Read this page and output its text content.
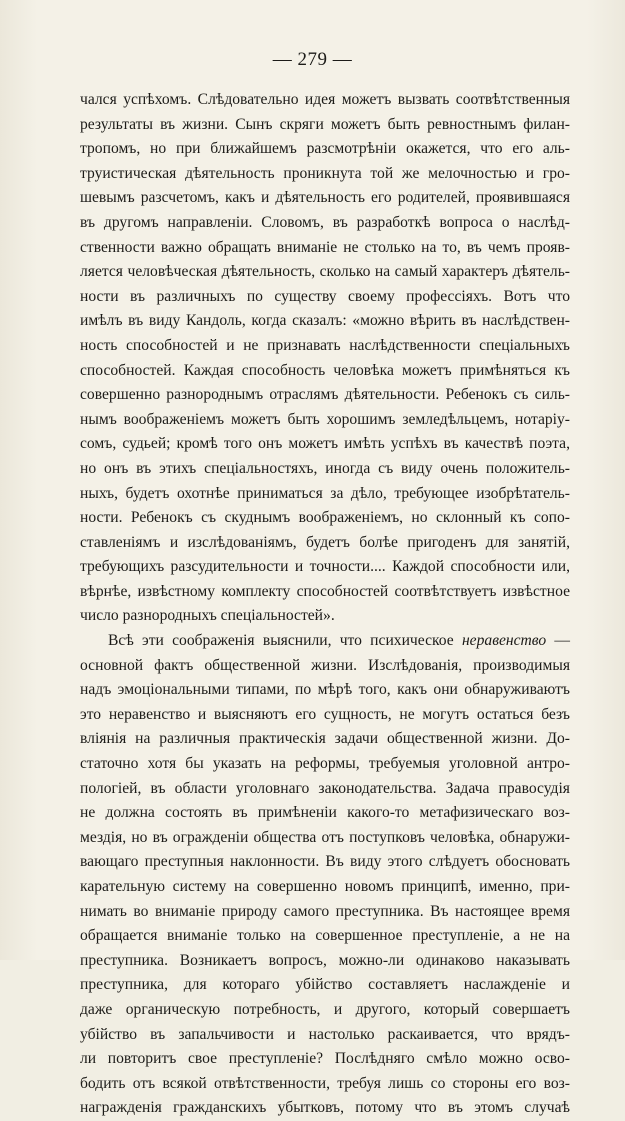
— 279 —
чался успѣхомъ. Слѣдовательно идея можетъ вызвать соотвѣтственныя
результаты въ жизни. Сынъ скряги можетъ быть ревностнымъ филан-
тропомъ, но при ближайшемъ разсмотрѣніи окажется, что его аль-
труистическая дѣятельность проникнута той же мелочностью и гро-
шевымъ разсчетомъ, какъ и дѣятельность его родителей, проявившаяся
въ другомъ направленіи. Словомъ, въ разработкѣ вопроса о наслѣд-
ственности важно обращать вниманіе не столько на то, въ чемъ прояв-
ляется человѣческая дѣятельность, сколько на самый характеръ дѣятель-
ности въ различныхъ по существу своему профессіяхъ. Вотъ что
имѣлъ въ виду Кандоль, когда сказалъ: «можно вѣрить въ наслѣдствен-
ность способностей и не признавать наслѣдственности спеціальныхъ
способностей. Каждая способность человѣка можетъ примѣняться къ
совершенно разнороднымъ отраслямъ дѣятельности. Ребенокъ съ силь-
нымъ воображеніемъ можетъ быть хорошимъ земледѣльцемъ, нотаріу-
сомъ, судьей; кромѣ того онъ можетъ имѣть успѣхъ въ качествѣ поэта,
но онъ въ этихъ спеціальностяхъ, иногда съ виду очень положитель-
ныхъ, будетъ охотнѣе приниматься за дѣло, требующее изобрѣтатель-
ности. Ребенокъ съ скуднымъ воображеніемъ, но склонный къ сопо-
ставленіямъ и изслѣдованіямъ, будетъ болѣе пригоденъ для занятій,
требующихъ разсудительности и точности.... Каждой способности или,
вѣрнѣе, извѣстному комплекту способностей соотвѣтствуетъ извѣстное
число разнородныхъ спеціальностей».
Всѣ эти соображенія выяснили, что психическое неравенство —
основной фактъ общественной жизни. Изслѣдованія, производимыя
надъ эмоціональными типами, по мѣрѣ того, какъ они обнаруживаютъ
это неравенство и выясняютъ его сущность, не могутъ остаться безъ
вліянія на различныя практическія задачи общественной жизни. До-
статочно хотя бы указать на реформы, требуемыя уголовной антро-
пологіей, въ области уголовнаго законодательства. Задача правосудія
не должна состоять въ примѣненіи какого-то метафизическаго воз-
мездія, но въ огражденіи общества отъ поступковъ человѣка, обнаружи-
вающаго преступныя наклонности. Въ виду этого слѣдуетъ обосновать
карательную систему на совершенно новомъ принципѣ, именно, при-
нимать во вниманіе природу самого преступника. Въ настоящее время
обращается вниманіе только на совершенное преступленіе, а не на
преступника. Возникаетъ вопросъ, можно-ли одинаково наказывать
преступника, для котораго убійство составляетъ наслажденіе и
даже органическую потребность, и другого, который совершаетъ
убійство въ запальчивости и настолько раскаивается, что врядъ-
ли повторитъ свое преступленіе? Послѣдняго смѣло можно осво-
бодить отъ всякой отвѣтственности, требуя лишь со стороны его воз-
награжденія гражданскихъ убытковъ, потому что въ этомъ случаѣ
